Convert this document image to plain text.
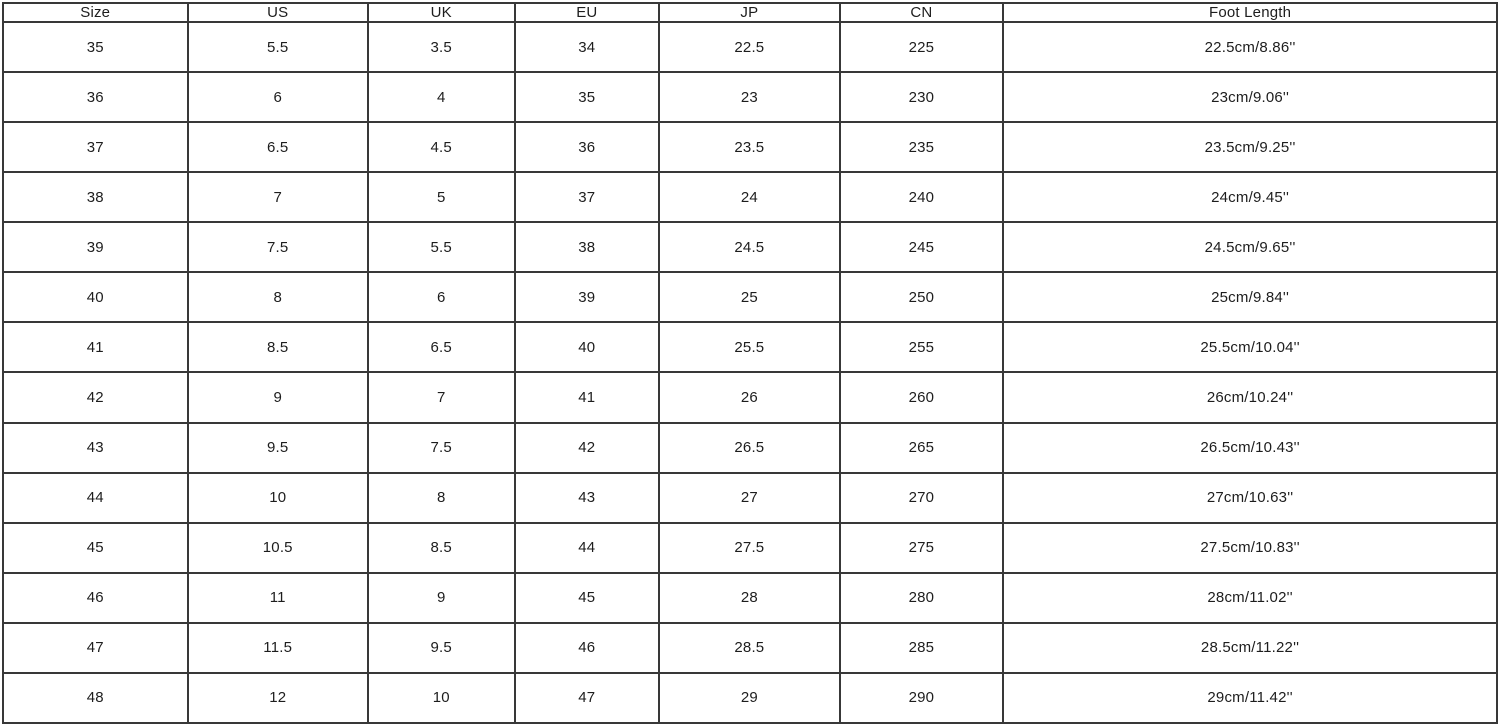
Size	US	UK	EU	JP	CN	Foot Length
35	5.5	3.5	34	22.5	225	22.5cm/8.86''
36	6	4	35	23	230	23cm/9.06''
37	6.5	4.5	36	23.5	235	23.5cm/9.25''
38	7	5	37	24	240	24cm/9.45''
39	7.5	5.5	38	24.5	245	24.5cm/9.65''
40	8	6	39	25	250	25cm/9.84''
41	8.5	6.5	40	25.5	255	25.5cm/10.04''
42	9	7	41	26	260	26cm/10.24''
43	9.5	7.5	42	26.5	265	26.5cm/10.43''
44	10	8	43	27	270	27cm/10.63''
45	10.5	8.5	44	27.5	275	27.5cm/10.83''
46	11	9	45	28	280	28cm/11.02''
47	11.5	9.5	46	28.5	285	28.5cm/11.22''
48	12	10	47	29	290	29cm/11.42''
